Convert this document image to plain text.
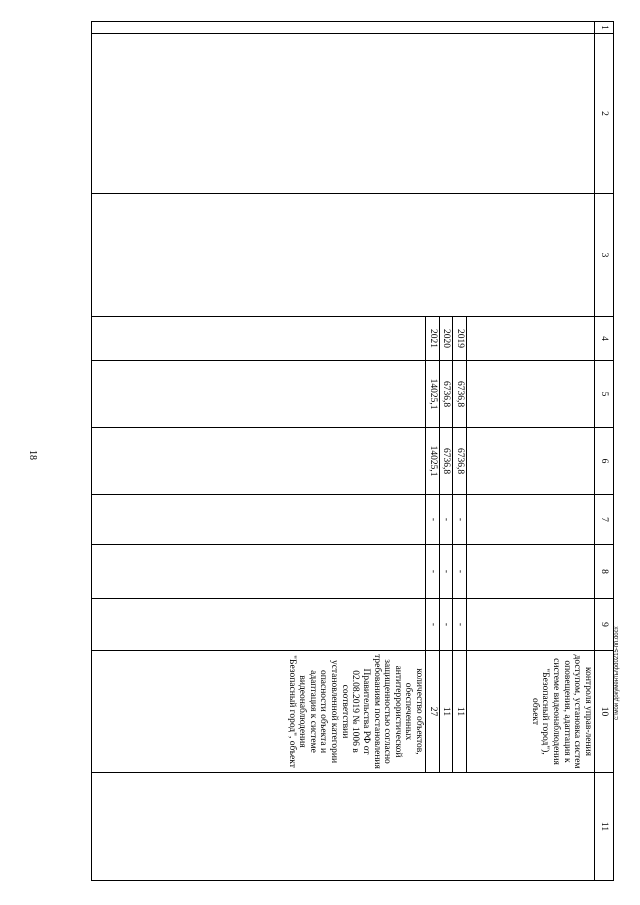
18
c:\мои документы\pd0215-пп.docx
1	2	3	4	5	6	7	8	9	10	11
									контроля управ-ления доступом, установка систем оповещения, адаптация к системе видеонаблюдения "Безопасный город"), объект	
			2019	6736,8	6736,8	-	-	-	11	
			2020	6736,8	6736,8	-	-	-	11	
			2021	14025,1	14025,1	-	-	-	27	
									количество объектов, обеспеченных антитеррористической защищенностью согласно требованиям постановления Правительства РФ от 02.08.2019 № 1006 в соответствии установленной категории опасности объекта и адаптация к системе видеонаблюдения "Безопасный город", объект	
